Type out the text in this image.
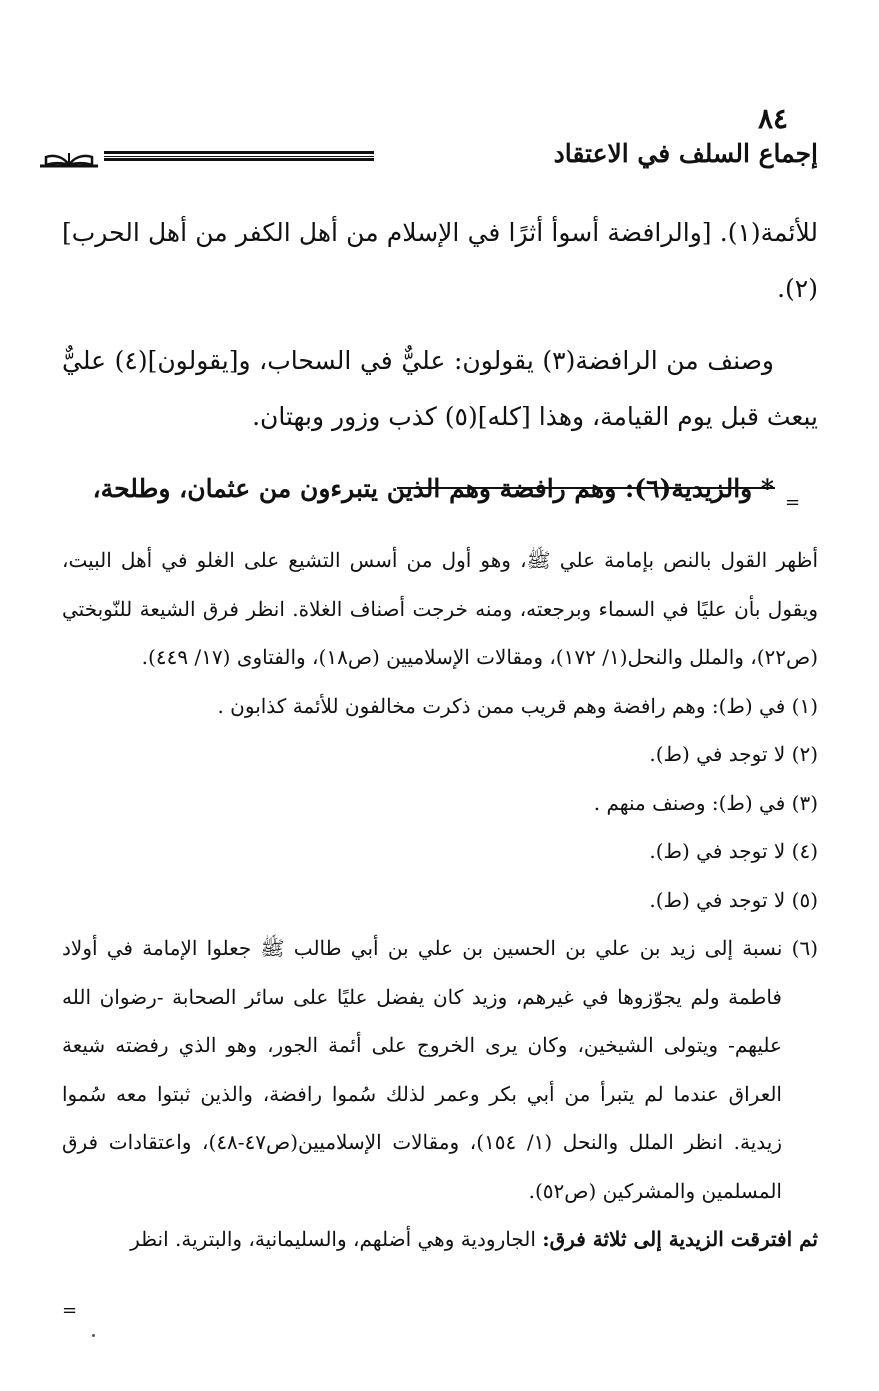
٨٤
إجماع السلف في الاعتقاد

للأئمة(١). [والرافضة أسوأ أثرًا في الإسلام من أهل الكفر من أهل الحرب](٢).

وصنف من الرافضة(٣) يقولون: عليٌّ في السحاب، و[يقولون](٤) عليٌّ يبعث قبل يوم القيامة، وهذا [كله](٥) كذب وزور وبهتان.

* والزيدية(٦): وهم رافضة وهم الذين يتبرءون من عثمان، وطلحة، =

أظهر القول بالنص بإمامة علي ﷺ، وهو أول من أسس التشيع على الغلو في أهل البيت، ويقول بأن عليًا في السماء وبرجعته، ومنه خرجت أصناف الغلاة. انظر فرق الشيعة للنّوبختي (ص٢٢)، والملل والنحل(١/ ١٧٢)، ومقالات الإسلاميين (ص١٨)، والفتاوى (١٧/ ٤٤٩).

(١) في (ط): وهم رافضة وهم قريب ممن ذكرت مخالفون للأئمة كذابون .

(٢) لا توجد في (ط).

(٣) في (ط): وصنف منهم .

(٤) لا توجد في (ط).

(٥) لا توجد في (ط).

(٦) نسبة إلى زيد بن علي بن الحسين بن علي بن أبي طالب ﷺ جعلوا الإمامة في أولاد فاطمة ولم يجوّزوها في غيرهم، وزيد كان يفضل عليًا على سائر الصحابة -رضوان الله عليهم- ويتولى الشيخين، وكان يرى الخروج على أئمة الجور، وهو الذي رفضته شيعة العراق عندما لم يتبرأ من أبي بكر وعمر لذلك سُموا رافضة، والذين ثبتوا معه سُموا زيدية. انظر الملل والنحل (١/ ١٥٤)، ومقالات الإسلاميين(ص٤٧-٤٨)، واعتقادات فرق المسلمين والمشركين (ص٥٢).

ثم افترقت الزيدية إلى ثلاثة فرق: الجارودية وهي أضلهم، والسليمانية، والبترية. انظر

=
